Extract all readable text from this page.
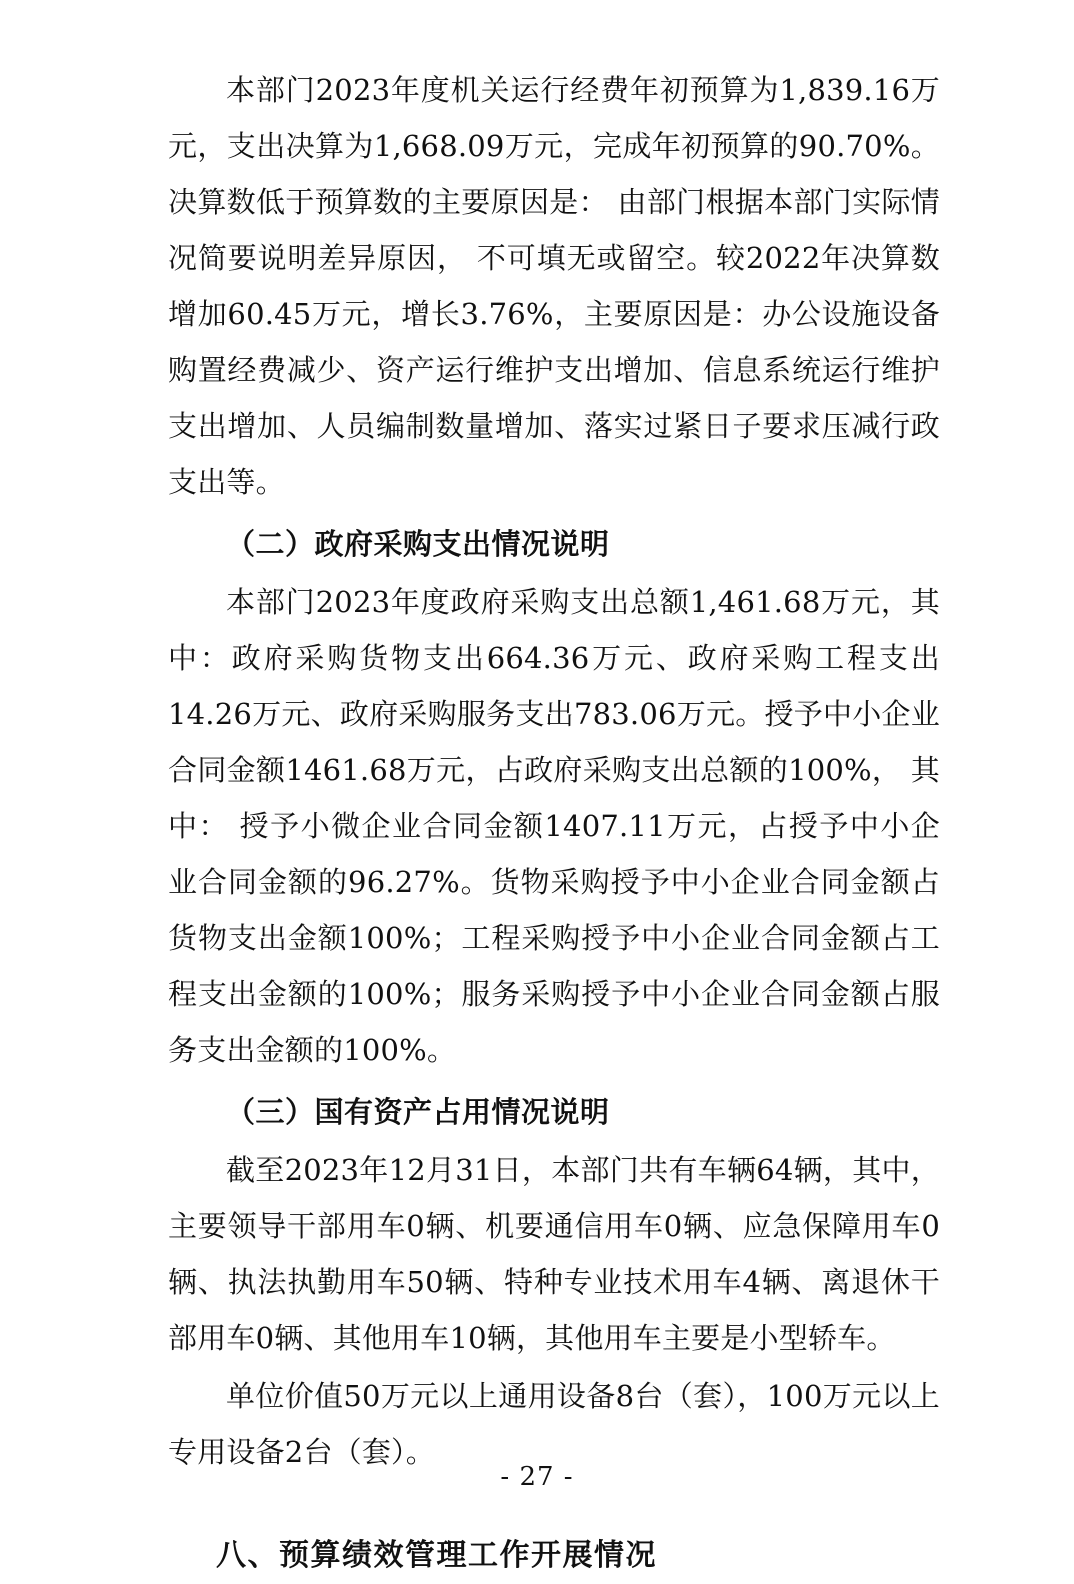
本部门2023年度机关运行经费年初预算为1,839.16万元，支出决算为1,668.09万元，完成年初预算的90.70%。决算数低于预算数的主要原因是： 由部门根据本部门实际情况简要说明差异原因， 不可填无或留空。较2022年决算数增加60.45万元，增长3.76%，主要原因是：办公设施设备购置经费减少、资产运行维护支出增加、信息系统运行维护支出增加、人员编制数量增加、落实过紧日子要求压减行政支出等。

（二）政府采购支出情况说明

本部门2023年度政府采购支出总额1,461.68万元，其中：政府采购货物支出664.36万元、政府采购工程支出14.26万元、政府采购服务支出783.06万元。授予中小企业合同金额1461.68万元，占政府采购支出总额的100%， 其中： 授予小微企业合同金额1407.11万元，占授予中小企业合同金额的96.27%。货物采购授予中小企业合同金额占货物支出金额100%；工程采购授予中小企业合同金额占工程支出金额的100%；服务采购授予中小企业合同金额占服务支出金额的100%。

（三）国有资产占用情况说明

截至2023年12月31日，本部门共有车辆64辆，其中，主要领导干部用车0辆、机要通信用车0辆、应急保障用车0辆、执法执勤用车50辆、特种专业技术用车4辆、离退休干部用车0辆、其他用车10辆，其他用车主要是小型轿车。

单位价值50万元以上通用设备8台（套），100万元以上专用设备2台（套）。

八、预算绩效管理工作开展情况
- 27 -
